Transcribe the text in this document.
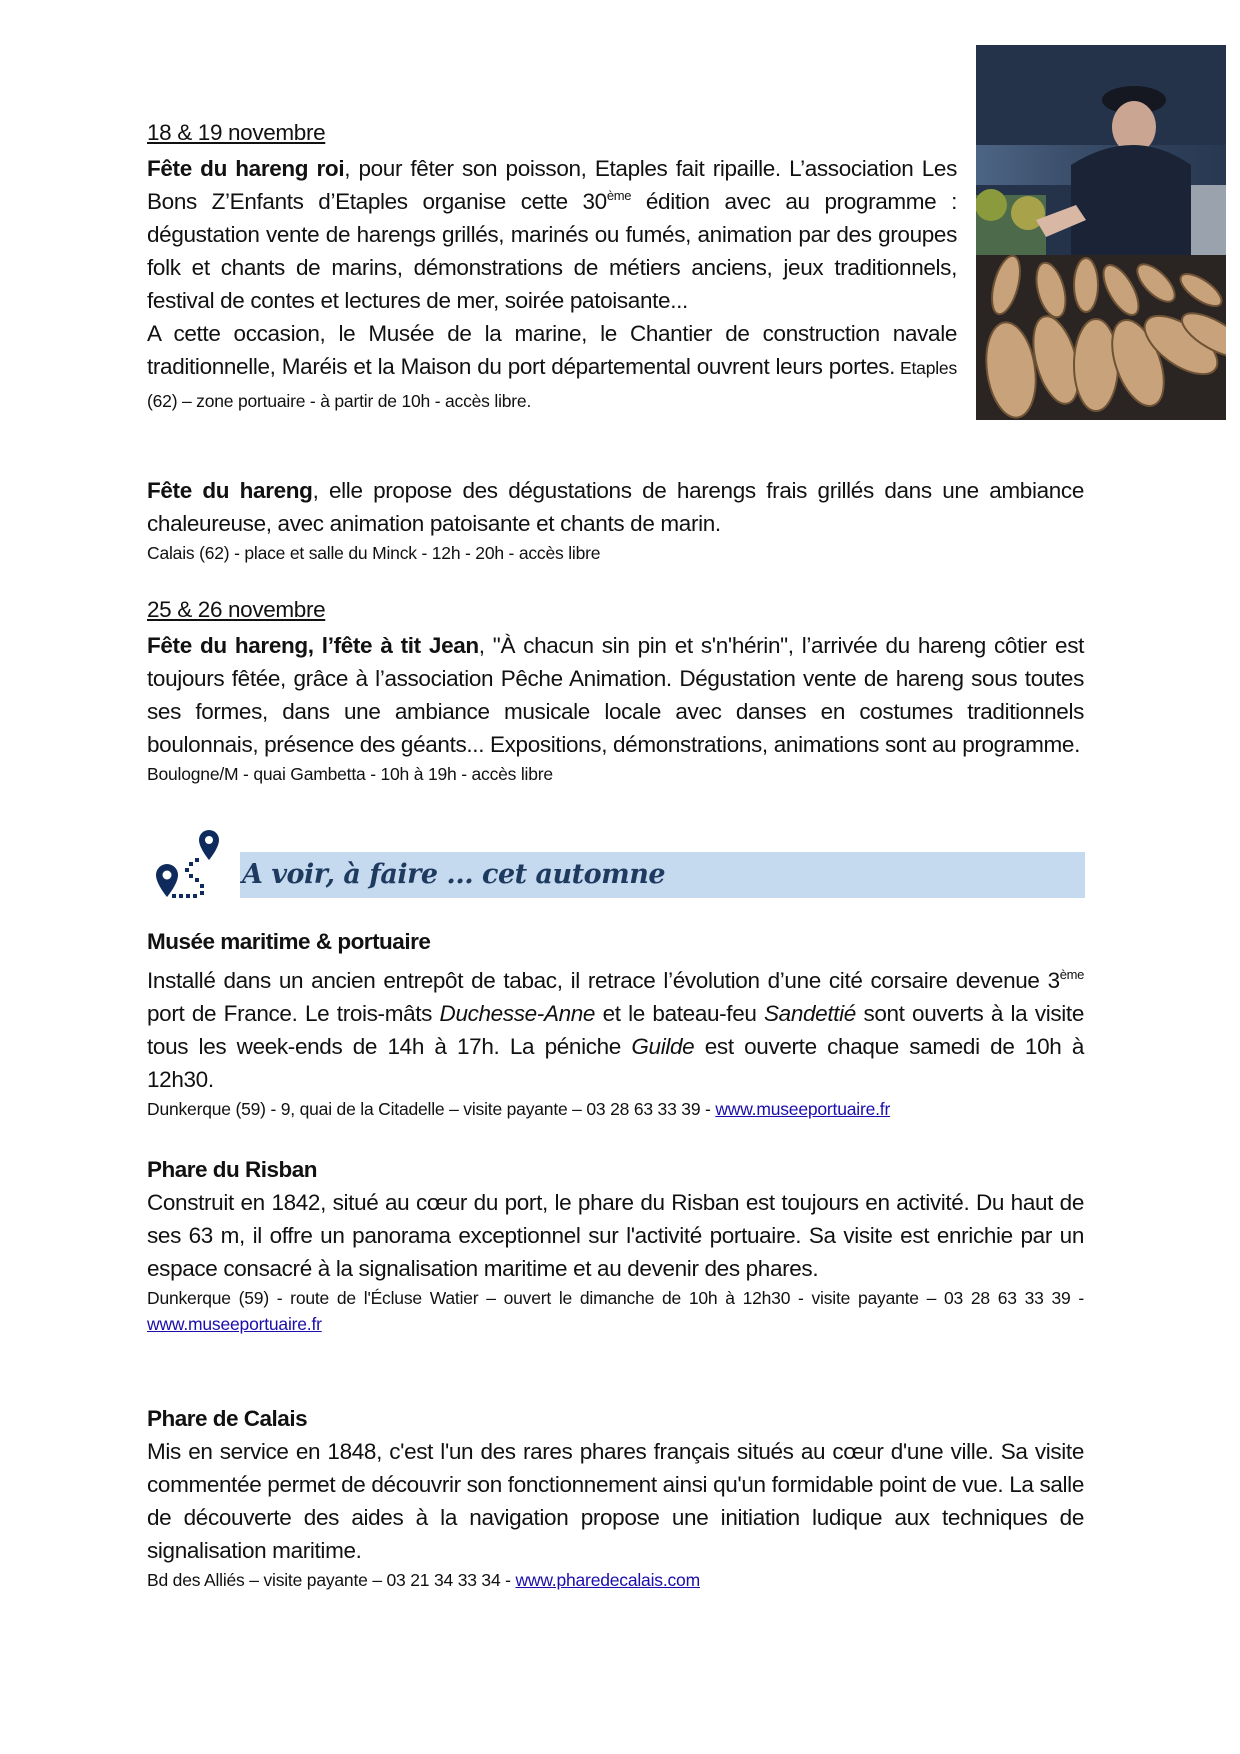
18 & 19 novembre

Fête du hareng roi, pour fêter son poisson, Etaples fait ripaille. L’association Les Bons Z’Enfants d’Etaples organise cette 30ème édition avec au programme : dégustation vente de harengs grillés, marinés ou fumés, animation par des groupes folk et chants de marins, démonstrations de métiers anciens, jeux traditionnels, festival de contes et lectures de mer, soirée patoisante...

A cette occasion, le Musée de la marine, le Chantier de construction navale traditionnelle, Maréis et la Maison du port départemental ouvrent leurs portes. Etaples (62) – zone portuaire - à partir de 10h - accès libre.

Fête du hareng, elle propose des dégustations de harengs frais grillés dans une ambiance chaleureuse, avec animation patoisante et chants de marin.

Calais (62) - place et salle du Minck - 12h - 20h - accès libre

25 & 26 novembre

Fête du hareng, l’fête à tit Jean, "À chacun sin pin et s'n'hérin", l’arrivée du hareng côtier est toujours fêtée, grâce à l’association Pêche Animation. Dégustation vente de hareng sous toutes ses formes, dans une ambiance musicale locale avec danses en costumes traditionnels boulonnais, présence des géants... Expositions, démonstrations, animations sont au programme.

Boulogne/M - quai Gambetta - 10h à 19h - accès libre

A voir, à faire ... cet automne

Musée maritime & portuaire

Installé dans un ancien entrepôt de tabac, il retrace l’évolution d’une cité corsaire devenue 3ème port de France. Le trois-mâts Duchesse-Anne et le bateau-feu Sandettié sont ouverts à la visite tous les week-ends de 14h à 17h. La péniche Guilde est ouverte chaque samedi de 10h à 12h30.

Dunkerque (59) - 9, quai de la Citadelle – visite payante – 03 28 63 33 39 - www.museeportuaire.fr

Phare du Risban

Construit en 1842, situé au cœur du port, le phare du Risban est toujours en activité. Du haut de ses 63 m, il offre un panorama exceptionnel sur l'activité portuaire. Sa visite est enrichie par un espace consacré à la signalisation maritime et au devenir des phares.

Dunkerque (59) - route de l'Écluse Watier – ouvert le dimanche de 10h à 12h30 - visite payante – 03 28 63 33 39 - www.museeportuaire.fr

Phare de Calais

Mis en service en 1848, c'est l'un des rares phares français situés au cœur d'une ville. Sa visite commentée permet de découvrir son fonctionnement ainsi qu'un formidable point de vue. La salle de découverte des aides à la navigation propose une initiation ludique aux techniques de signalisation maritime.

Bd des Alliés – visite payante – 03 21 34 33 34 - www.pharedecalais.com
